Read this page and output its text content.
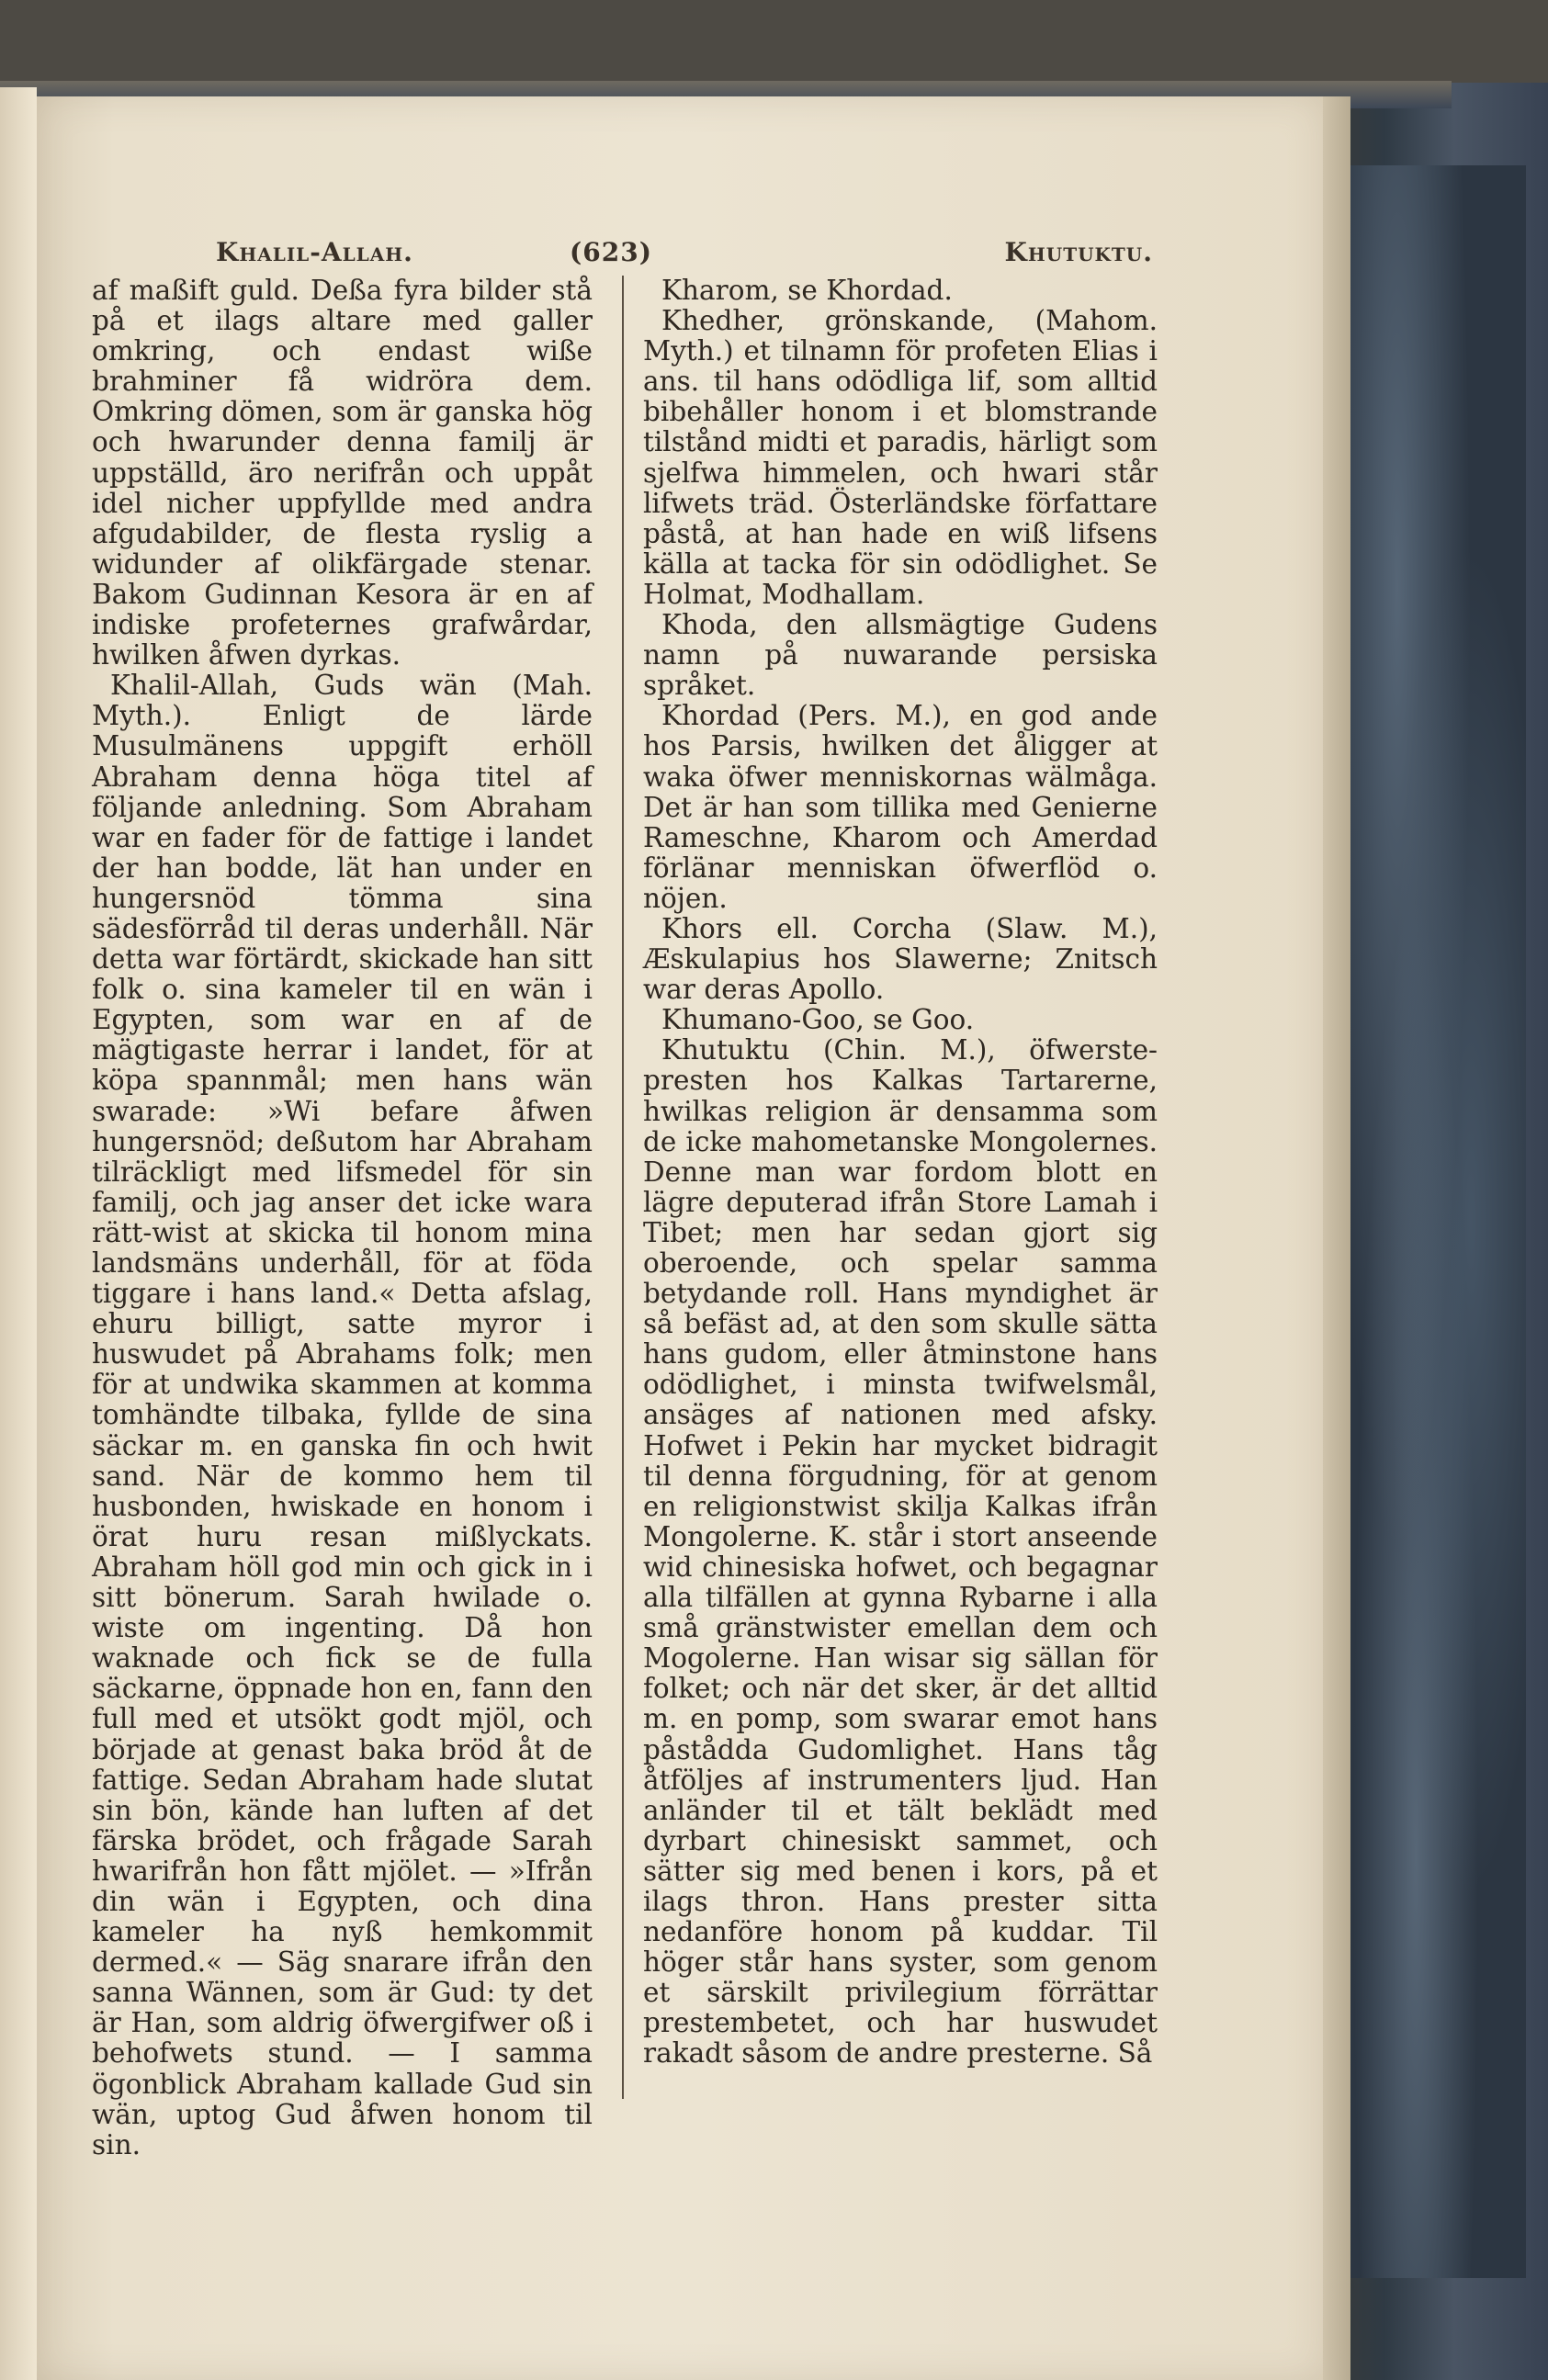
Khalil-Allah.	(623)	Khutuktu.

af maßift guld. Deßa fyra bilder stå på et ilags altare med galler omkring, och endast wiße brahminer få widröra dem. Omkring dömen, som är ganska hög och hwarunder denna familj är uppställd, äro nerifrån och uppåt idel nicher uppfyllde med andra afgudabilder, de flesta ryslig a widunder af olikfärgade stenar. Bakom Gudinnan Kesora är en af indiske profeternes grafwårdar, hwilken åfwen dyrkas.

Khalil-Allah, Guds wän (Mah. Myth.). Enligt de lärde Musulmänens uppgift erhöll Abraham denna höga titel af följande anledning. Som Abraham war en fader för de fattige i landet der han bodde, lät han under en hungersnöd tömma sina sädesförråd til deras underhåll. När detta war förtärdt, skickade han sitt folk o. sina kameler til en wän i Egypten, som war en af de mägtigaste herrar i landet, för at köpa spannmål; men hans wän swarade: »Wi befare åfwen hungersnöd; deßutom har Abraham tilräckligt med lifsmedel för sin familj, och jag anser det icke wara rätt-wist at skicka til honom mina landsmäns underhåll, för at föda tiggare i hans land.« Detta afslag, ehuru billigt, satte myror i huswudet på Abrahams folk; men för at undwika skammen at komma tomhändte tilbaka, fyllde de sina säckar m. en ganska fin och hwit sand. När de kommo hem til husbonden, hwiskade en honom i örat huru resan mißlyckats. Abraham höll god min och gick in i sitt bönerum. Sarah hwilade o. wiste om ingenting. Då hon waknade och fick se de fulla säckarne, öppnade hon en, fann den full med et utsökt godt mjöl, och började at genast baka bröd åt de fattige. Sedan Abraham hade slutat sin bön, kände han luften af det färska brödet, och frågade Sarah hwarifrån hon fått mjölet. — »Ifrån din wän i Egypten, och dina kameler ha nyß hemkommit dermed.« — Säg snarare ifrån den sanna Wännen, som är Gud: ty det är Han, som aldrig öfwergifwer oß i behofwets stund. — I samma ögonblick Abraham kallade Gud sin wän, uptog Gud åfwen honom til sin.

Kharom, se Khordad.

Khedher, grönskande, (Mahom. Myth.) et tilnamn för profeten Elias i ans. til hans odödliga lif, som alltid bibehåller honom i et blomstrande tilstånd midti et paradis, härligt som sjelfwa himmelen, och hwari står lifwets träd. Österländske författare påstå, at han hade en wiß lifsens källa at tacka för sin odödlighet. Se Holmat, Modhallam.

Khoda, den allsmägtige Gudens namn på nuwarande persiska språket.

Khordad (Pers. M.), en god ande hos Parsis, hwilken det åligger at waka öfwer menniskornas wälmåga. Det är han som tillika med Genierne Rameschne, Kharom och Amerdad förlänar menniskan öfwerflöd o. nöjen.

Khors ell. Corcha (Slaw. M.), Æskulapius hos Slawerne; Znitsch war deras Apollo.

Khumano-Goo, se Goo.

Khutuktu (Chin. M.), öfwerste-presten hos Kalkas Tartarerne, hwilkas religion är densamma som de icke mahometanske Mongolernes. Denne man war fordom blott en lägre deputerad ifrån Store Lamah i Tibet; men har sedan gjort sig oberoende, och spelar samma betydande roll. Hans myndighet är så befäst ad, at den som skulle sätta hans gudom, eller åtminstone hans odödlighet, i minsta twifwelsmål, ansäges af nationen med afsky. Hofwet i Pekin har mycket bidragit til denna förgudning, för at genom en religionstwist skilja Kalkas ifrån Mongolerne. K. står i stort anseende wid chinesiska hofwet, och begagnar alla tilfällen at gynna Rybarne i alla små gränstwister emellan dem och Mogolerne. Han wisar sig sällan för folket; och när det sker, är det alltid m. en pomp, som swarar emot hans påstådda Gudomlighet. Hans tåg åtföljes af instrumenters ljud. Han anländer til et tält beklädt med dyrbart chinesiskt sammet, och sätter sig med benen i kors, på et ilags thron. Hans prester sitta nedanföre honom på kuddar. Til höger står hans syster, som genom et särskilt privilegium förrättar prestembetet, och har huswudet rakadt såsom de andre presterne. Så
